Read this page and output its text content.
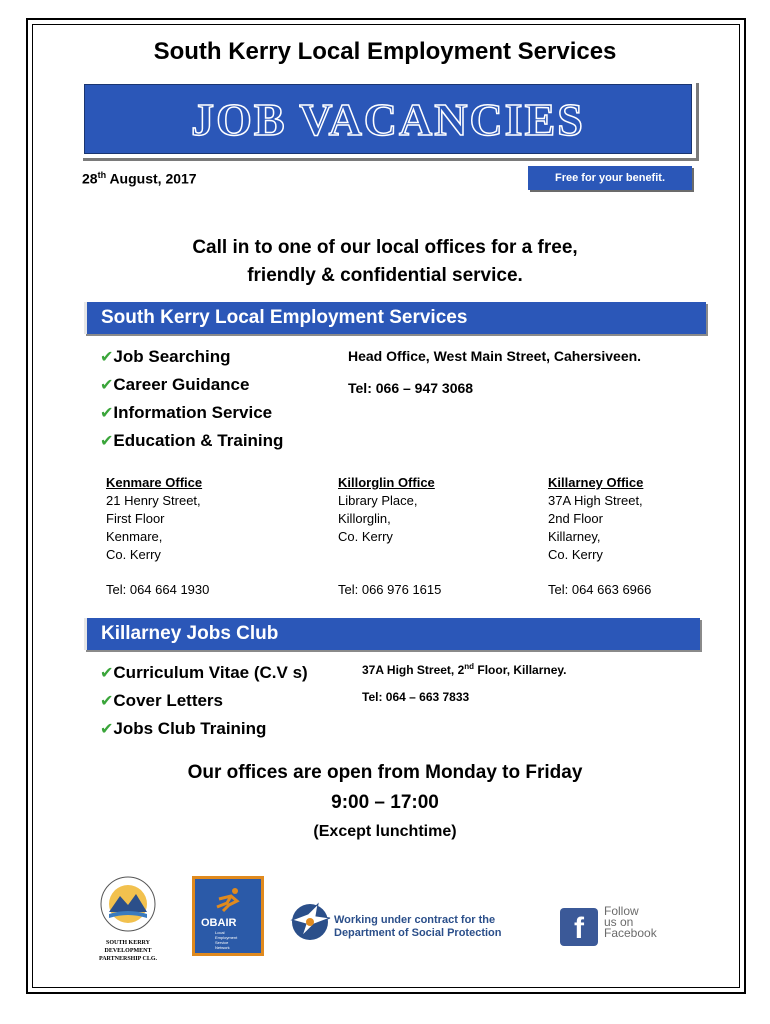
South Kerry Local Employment Services
JOB VACANCIES
28th August, 2017	Free for your benefit.
Call in to one of our local offices for a free,
friendly & confidential service.
South Kerry Local Employment Services
✔Job Searching
✔Career Guidance
✔Information Service
✔Education & Training
Head Office, West Main Street, Cahersiveen.
Tel: 066 – 947 3068
Kenmare Office
21 Henry Street,
First Floor
Kenmare,
Co. Kerry
Tel: 064 664 1930
Killorglin Office
Library Place,
Killorglin,
Co. Kerry
Tel: 066 976 1615
Killarney Office
37A High Street,
2nd Floor
Killarney,
Co. Kerry
Tel: 064 663 6966
Killarney Jobs Club
✔Curriculum Vitae (C.V s)
✔Cover Letters
✔Jobs Club Training
37A High Street, 2nd Floor, Killarney.
Tel: 064 – 663 7833
Our offices are open from Monday to Friday
9:00 – 17:00
(Except lunchtime)
SOUTH KERRY DEVELOPMENT
PARTNERSHIP CLG.
OBAIR
Local
Employment
Service
Network
Working under contract for the
Department of Social Protection	f
Follow
us on
Facebook
